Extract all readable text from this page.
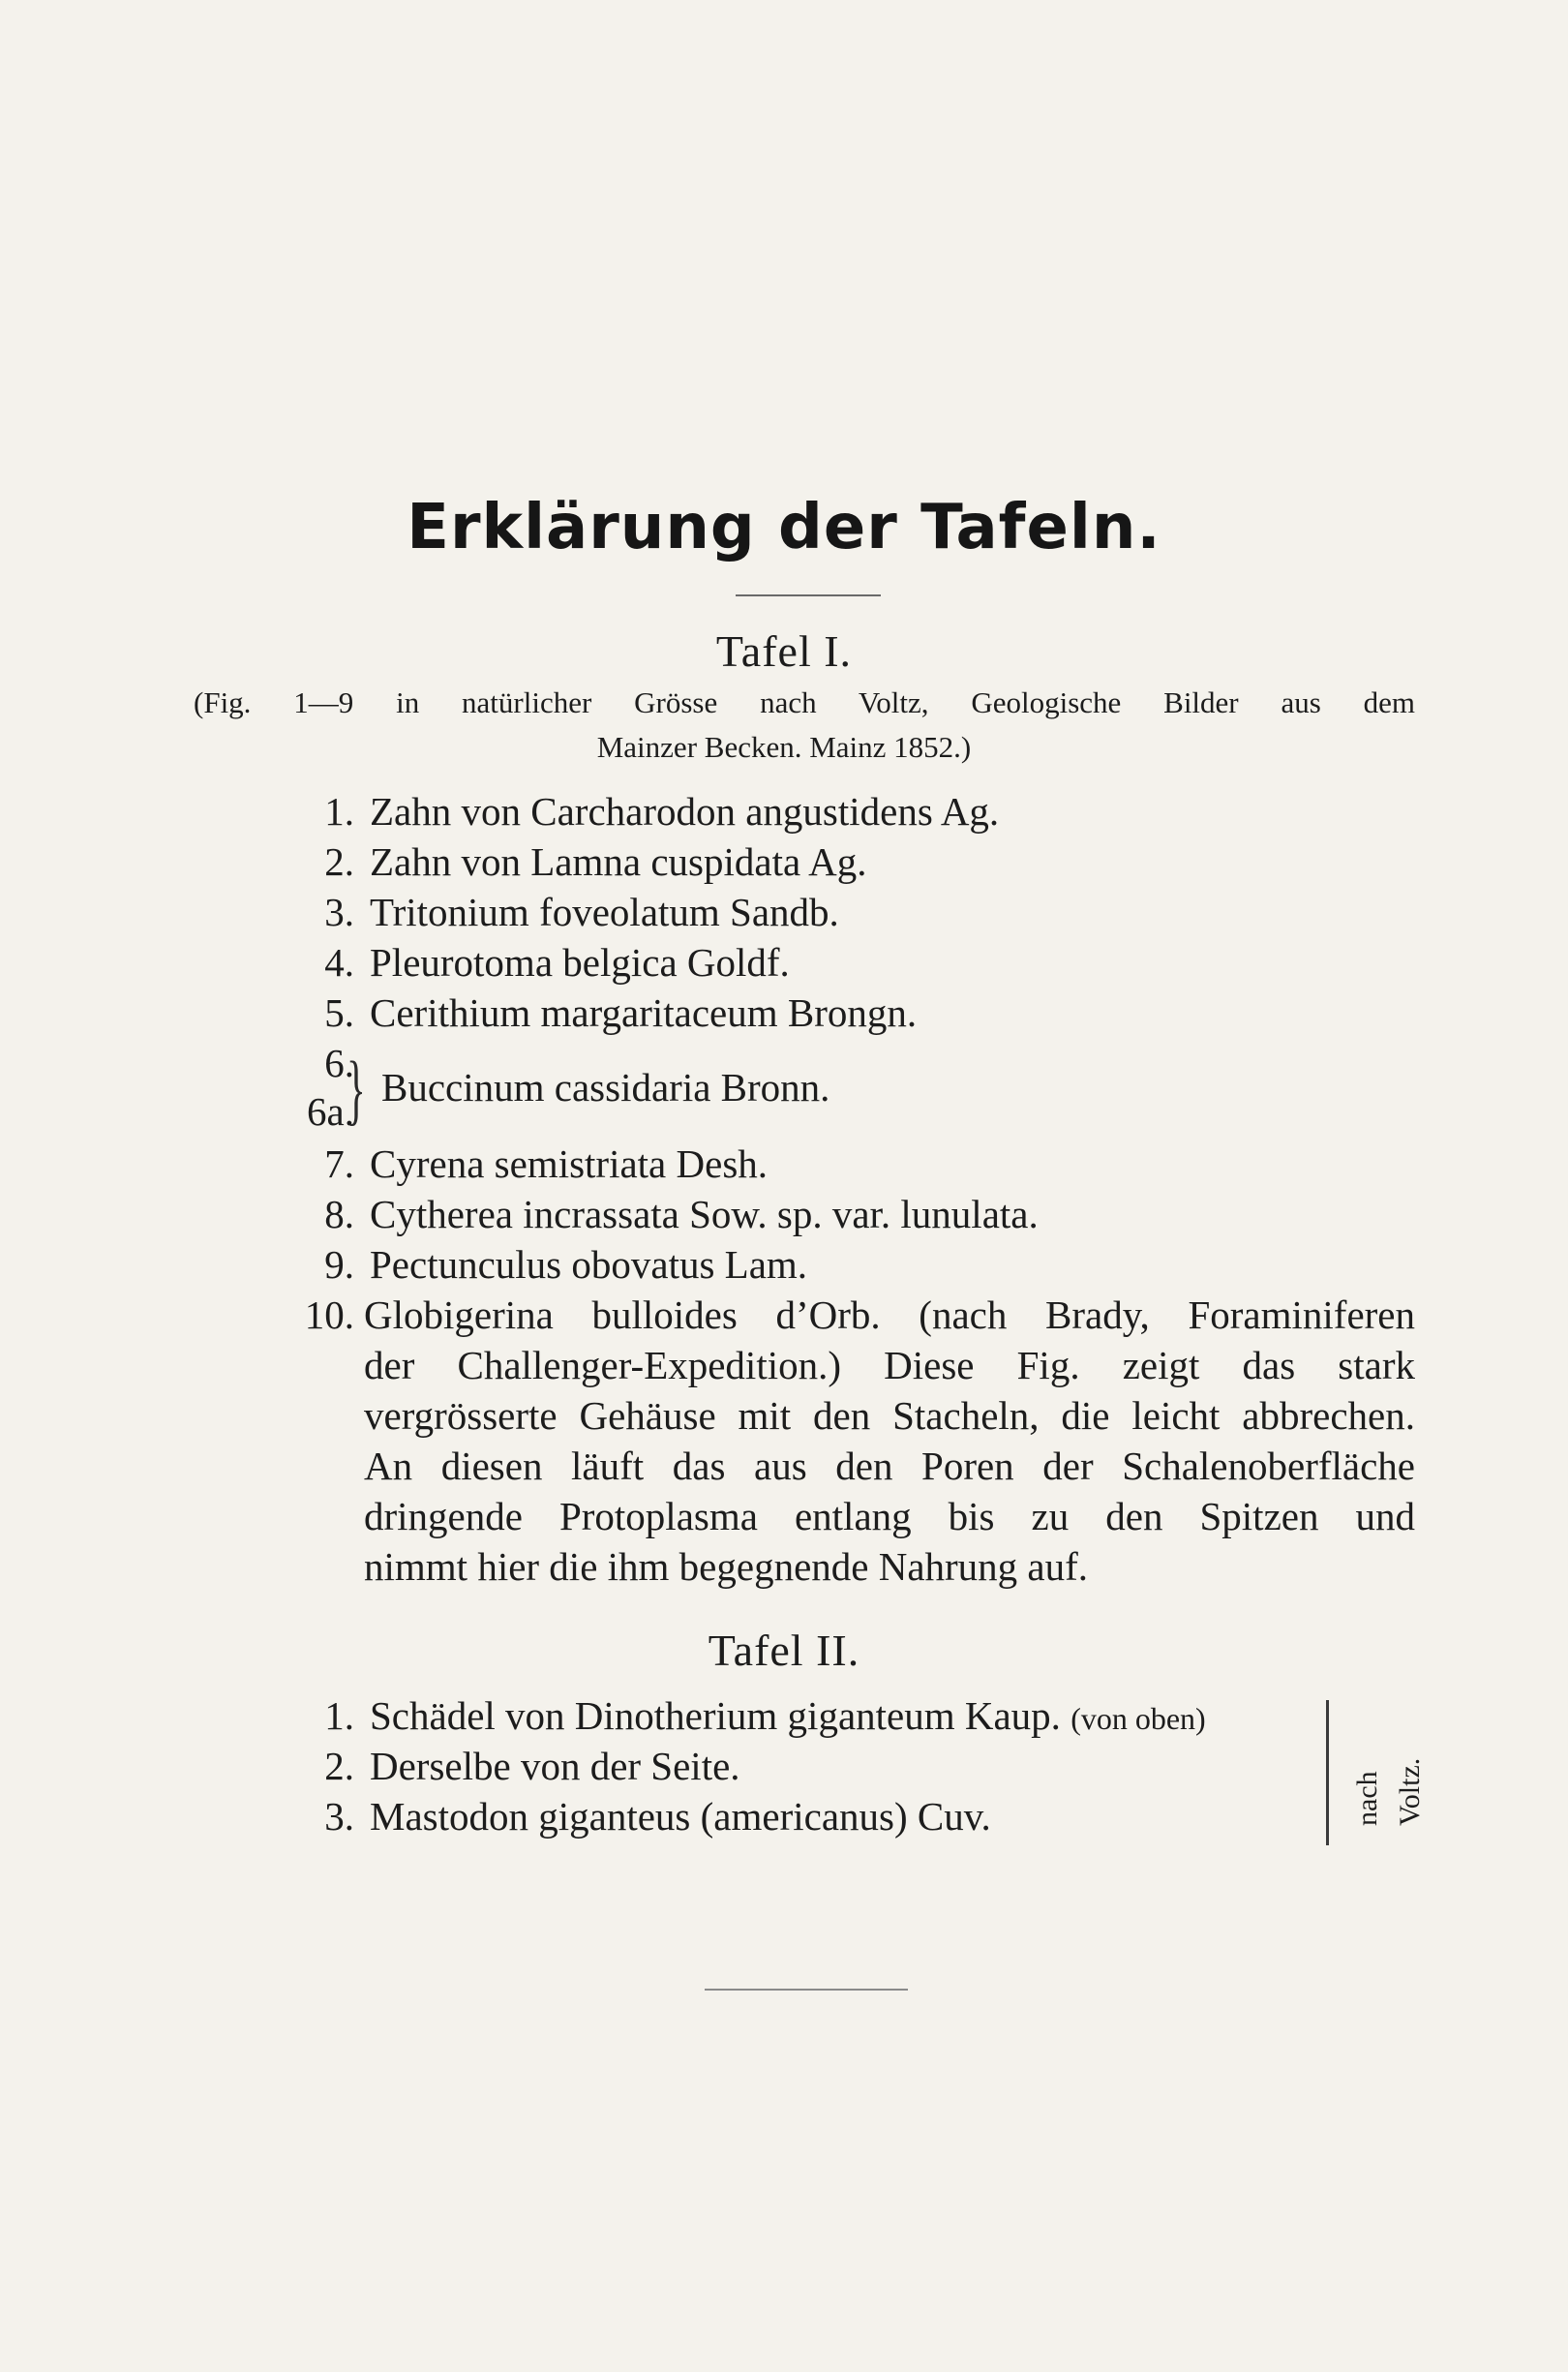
Erklärung der Tafeln.
Tafel I.
(Fig. 1—9 in natürlicher Grösse nach Voltz, Geologische Bilder aus dem
Mainzer Becken. Mainz 1852.)
1. Zahn von Carcharodon angustidens Ag.
2. Zahn von Lamna cuspidata Ag.
3. Tritonium foveolatum Sandb.
4. Pleurotoma belgica Goldf.
5. Cerithium margaritaceum Brongn.
6.
6a.
} Buccinum cassidaria Bronn.
7. Cyrena semistriata Desh.
8. Cytherea incrassata Sow. sp. var. lunulata.
9. Pectunculus obovatus Lam.
10. Globigerina bulloides d’Orb. (nach Brady, Foraminiferen
der Challenger-Expedition.) Diese Fig. zeigt das stark
vergrösserte Gehäuse mit den Stacheln, die leicht abbrechen.
An diesen läuft das aus den Poren der Schalenoberfläche
dringende Protoplasma entlang bis zu den Spitzen und
nimmt hier die ihm begegnende Nahrung auf.
Tafel II.
1. Schädel von Dinotherium giganteum Kaup. (von oben)
2. Derselbe von der Seite.
3. Mastodon giganteus (americanus) Cuv.	nach Voltz.
